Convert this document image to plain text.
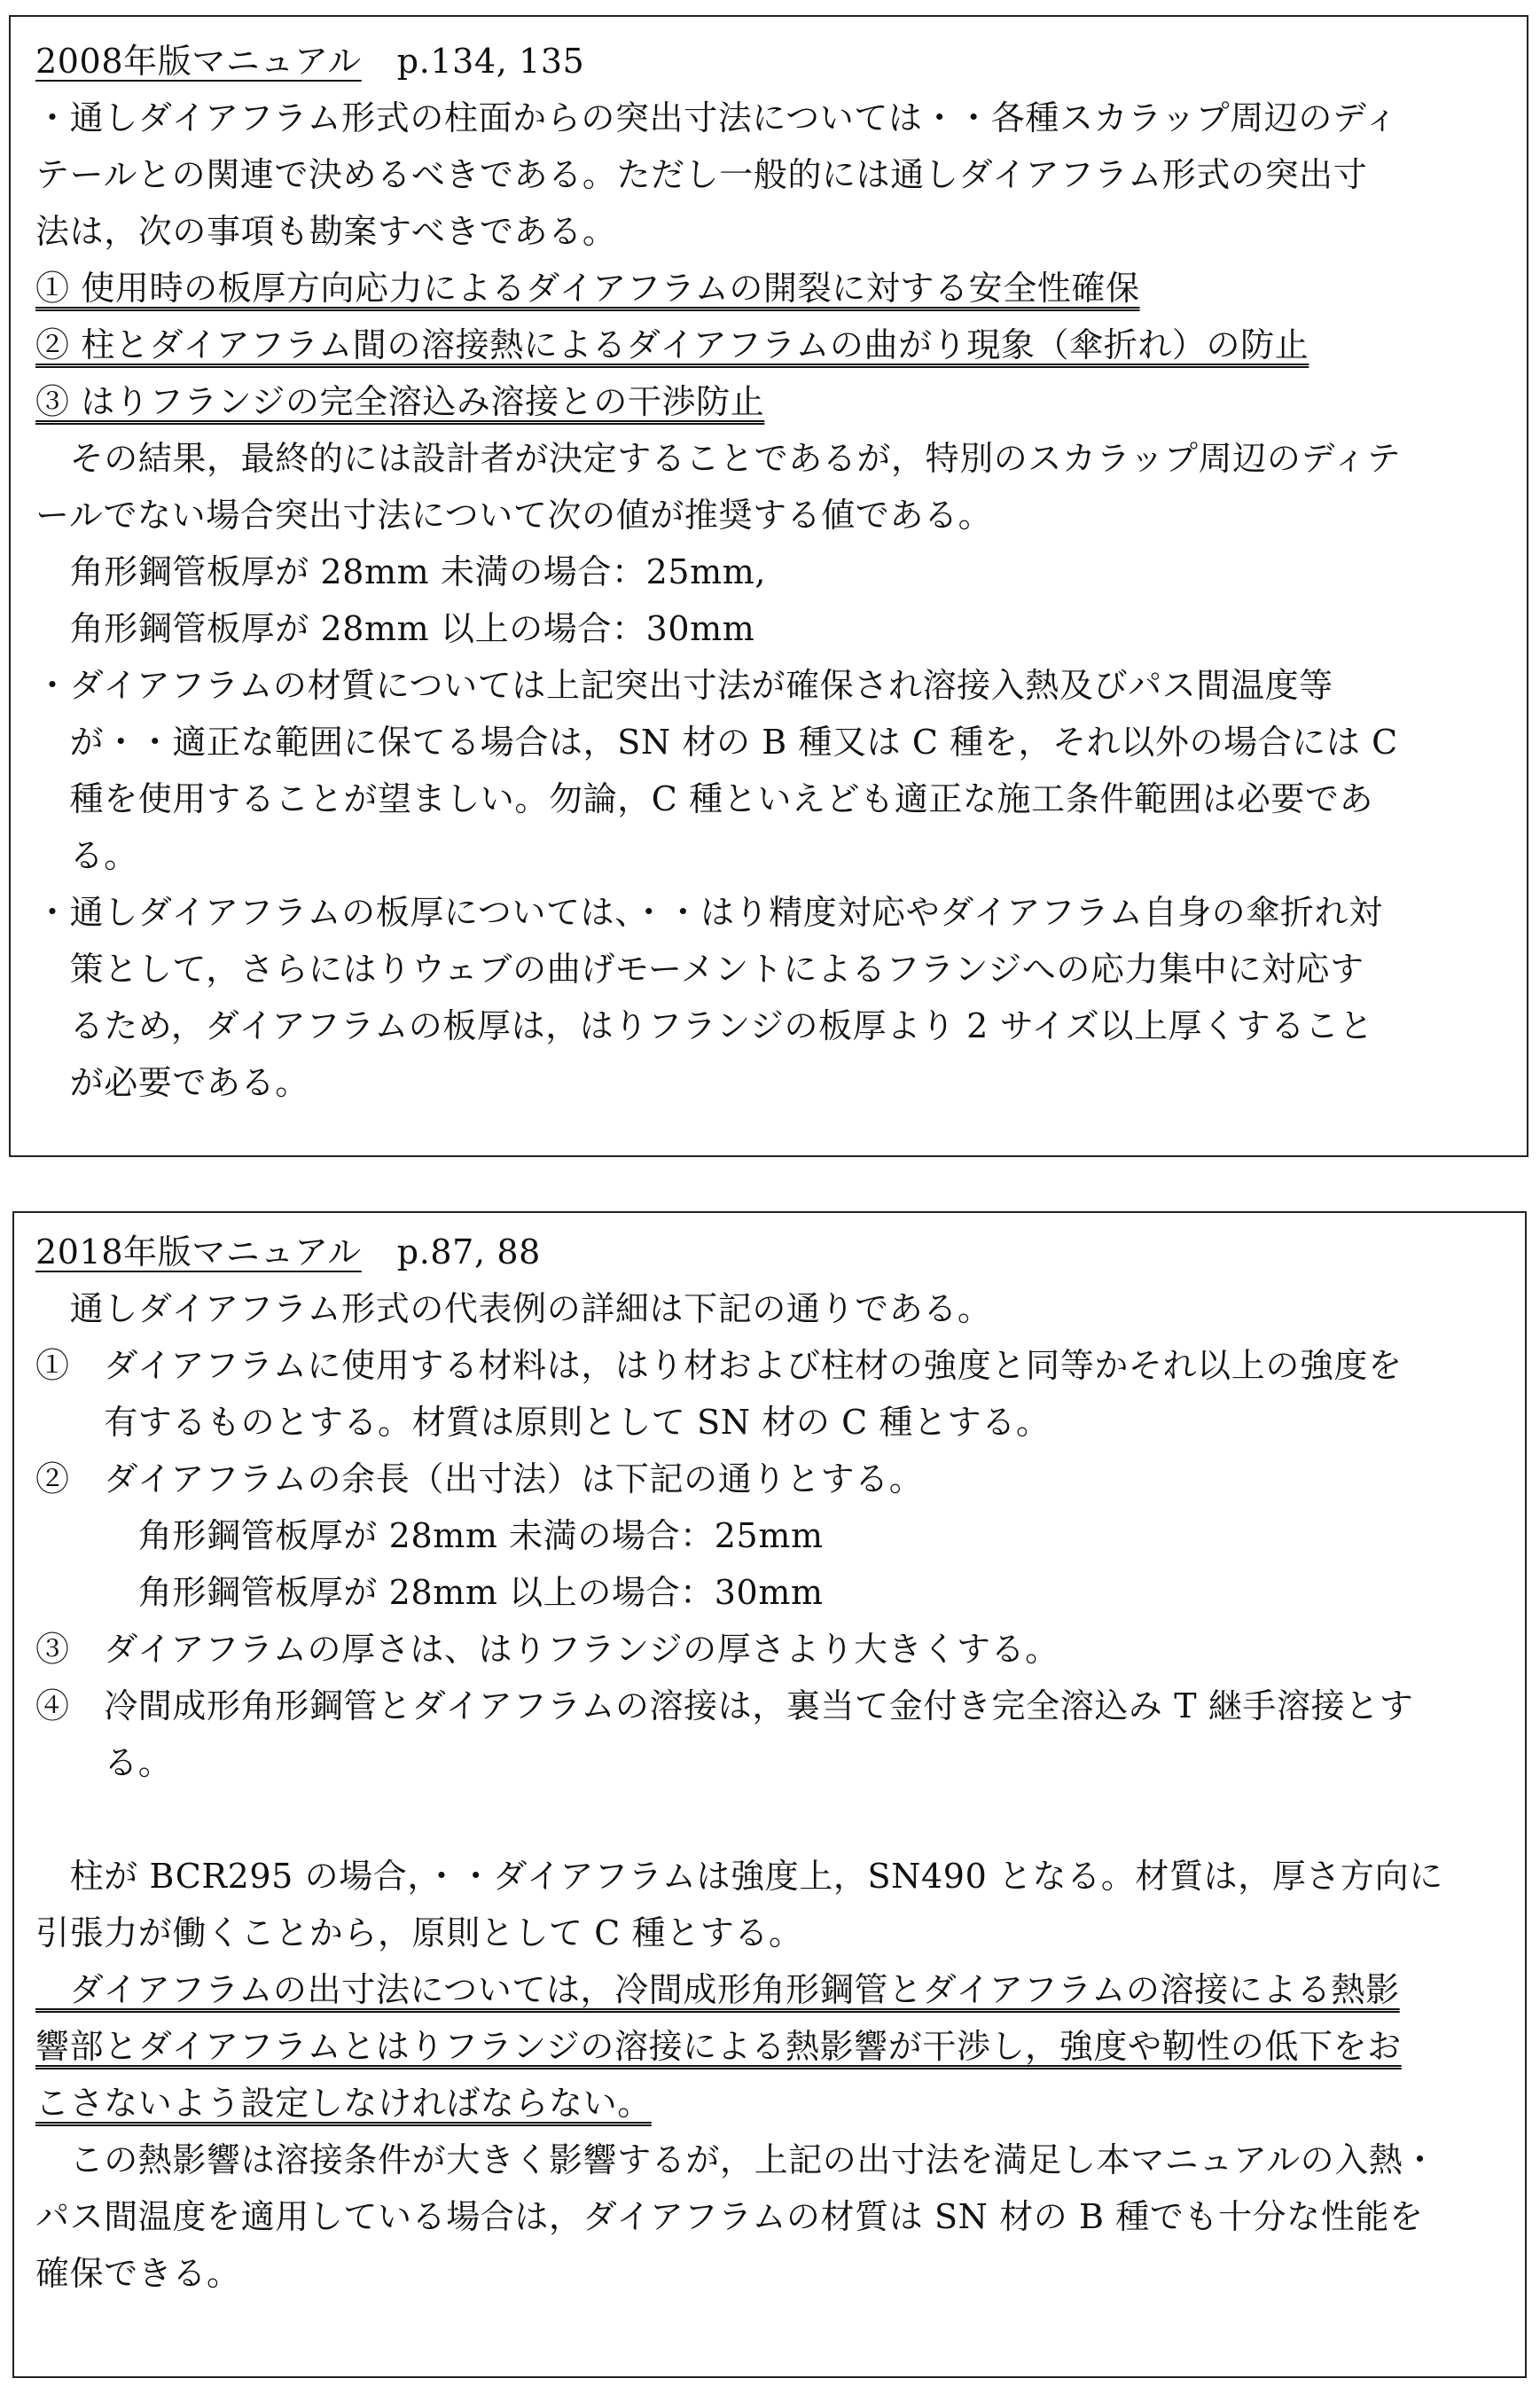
2008年版マニュアル p.134, 135
・通しダイアフラム形式の柱面からの突出寸法については・・各種スカラップ周辺のディ
テールとの関連で決めるべきである。ただし一般的には通しダイアフラム形式の突出寸
法は，次の事項も勘案すべきである。
① 使用時の板厚方向応力によるダイアフラムの開裂に対する安全性確保
② 柱とダイアフラム間の溶接熱によるダイアフラムの曲がり現象（傘折れ）の防止
③ はりフランジの完全溶込み溶接との干渉防止
　その結果，最終的には設計者が決定することであるが，特別のスカラップ周辺のディテ
ールでない場合突出寸法について次の値が推奨する値である。
　角形鋼管板厚が 28mm 未満の場合：25mm,
　角形鋼管板厚が 28mm 以上の場合：30mm
・ダイアフラムの材質については上記突出寸法が確保され溶接入熱及びパス間温度等
　が・・適正な範囲に保てる場合は，SN 材の B 種又は C 種を，それ以外の場合には C
　種を使用することが望ましい。勿論，C 種といえども適正な施工条件範囲は必要であ
　る。
・通しダイアフラムの板厚については、・・はり精度対応やダイアフラム自身の傘折れ対
　策として，さらにはりウェブの曲げモーメントによるフランジへの応力集中に対応す
　るため，ダイアフラムの板厚は，はりフランジの板厚より 2 サイズ以上厚くすること
　が必要である。
2018年版マニュアル p.87, 88
　通しダイアフラム形式の代表例の詳細は下記の通りである。
①　ダイアフラムに使用する材料は，はり材および柱材の強度と同等かそれ以上の強度を
　　有するものとする。材質は原則として SN 材の C 種とする。
②　ダイアフラムの余長（出寸法）は下記の通りとする。
　　　角形鋼管板厚が 28mm 未満の場合：25mm
　　　角形鋼管板厚が 28mm 以上の場合：30mm
③　ダイアフラムの厚さは、はりフランジの厚さより大きくする。
④　冷間成形角形鋼管とダイアフラムの溶接は，裏当て金付き完全溶込み T 継手溶接とす
　　る。
　柱が BCR295 の場合，・・ダイアフラムは強度上，SN490 となる。材質は，厚さ方向に
引張力が働くことから，原則として C 種とする。
　ダイアフラムの出寸法については，冷間成形角形鋼管とダイアフラムの溶接による熱影
響部とダイアフラムとはりフランジの溶接による熱影響が干渉し，強度や靭性の低下をお
こさないよう設定しなければならない。
　この熱影響は溶接条件が大きく影響するが，上記の出寸法を満足し本マニュアルの入熱・
パス間温度を適用している場合は，ダイアフラムの材質は SN 材の B 種でも十分な性能を
確保できる。
